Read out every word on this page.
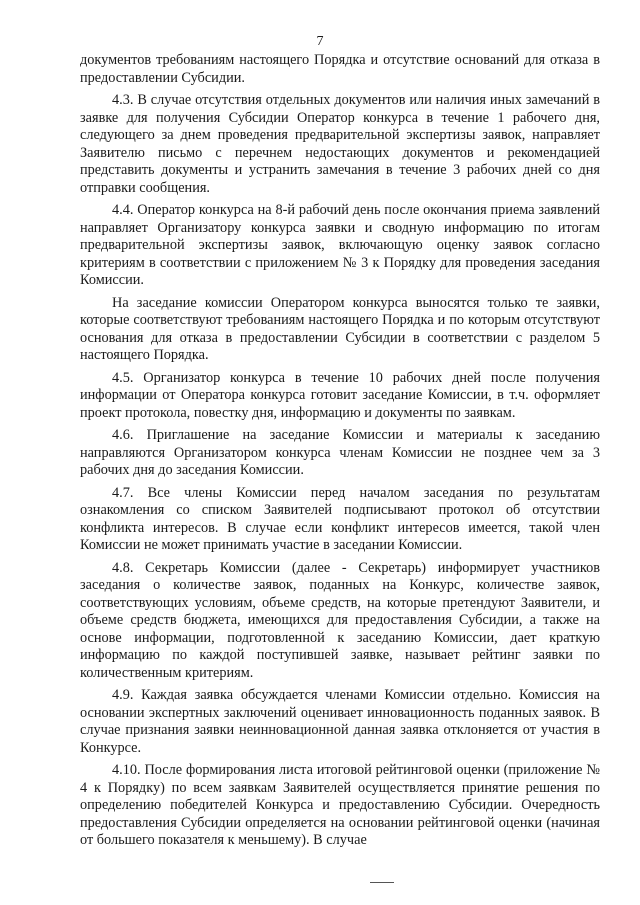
7

документов требованиям настоящего Порядка и отсутствие оснований для отказа в предоставлении Субсидии.

4.3. В случае отсутствия отдельных документов или наличия иных замечаний в заявке для получения Субсидии Оператор конкурса в течение 1 рабочего дня, следующего за днем проведения предварительной экспертизы заявок, направляет Заявителю письмо с перечнем недостающих документов и рекомендацией представить документы и устранить замечания в течение 3 рабочих дней со дня отправки сообщения.

4.4. Оператор конкурса на 8-й рабочий день после окончания приема заявлений направляет Организатору конкурса заявки и сводную информацию по итогам предварительной экспертизы заявок, включающую оценку заявок согласно критериям в соответствии с приложением № 3 к Порядку для проведения заседания Комиссии.

На заседание комиссии Оператором конкурса выносятся только те заявки, которые соответствуют требованиям настоящего Порядка и по которым отсутствуют основания для отказа в предоставлении Субсидии в соответствии с разделом 5 настоящего Порядка.

4.5. Организатор конкурса в течение 10 рабочих дней после получения информации от Оператора конкурса готовит заседание Комиссии, в т.ч. оформляет проект протокола, повестку дня, информацию и документы по заявкам.

4.6. Приглашение на заседание Комиссии и материалы к заседанию направляются Организатором конкурса членам Комиссии не позднее чем за 3 рабочих дня до заседания Комиссии.

4.7. Все члены Комиссии перед началом заседания по результатам ознакомления со списком Заявителей подписывают протокол об отсутствии конфликта интересов. В случае если конфликт интересов имеется, такой член Комиссии не может принимать участие в заседании Комиссии.

4.8. Секретарь Комиссии (далее - Секретарь) информирует участников заседания о количестве заявок, поданных на Конкурс, количестве заявок, соответствующих условиям, объеме средств, на которые претендуют Заявители, и объеме средств бюджета, имеющихся для предоставления Субсидии, а также на основе информации, подготовленной к заседанию Комиссии, дает краткую информацию по каждой поступившей заявке, называет рейтинг заявки по количественным критериям.

4.9. Каждая заявка обсуждается членами Комиссии отдельно. Комиссия на основании экспертных заключений оценивает инновационность поданных заявок. В случае признания заявки неинновационной данная заявка отклоняется от участия в Конкурсе.

4.10. После формирования листа итоговой рейтинговой оценки (приложение № 4 к Порядку) по всем заявкам Заявителей осуществляется принятие решения по определению победителей Конкурса и предоставлению Субсидии. Очередность предоставления Субсидии определяется на основании рейтинговой оценки (начиная от большего показателя к меньшему). В случае
